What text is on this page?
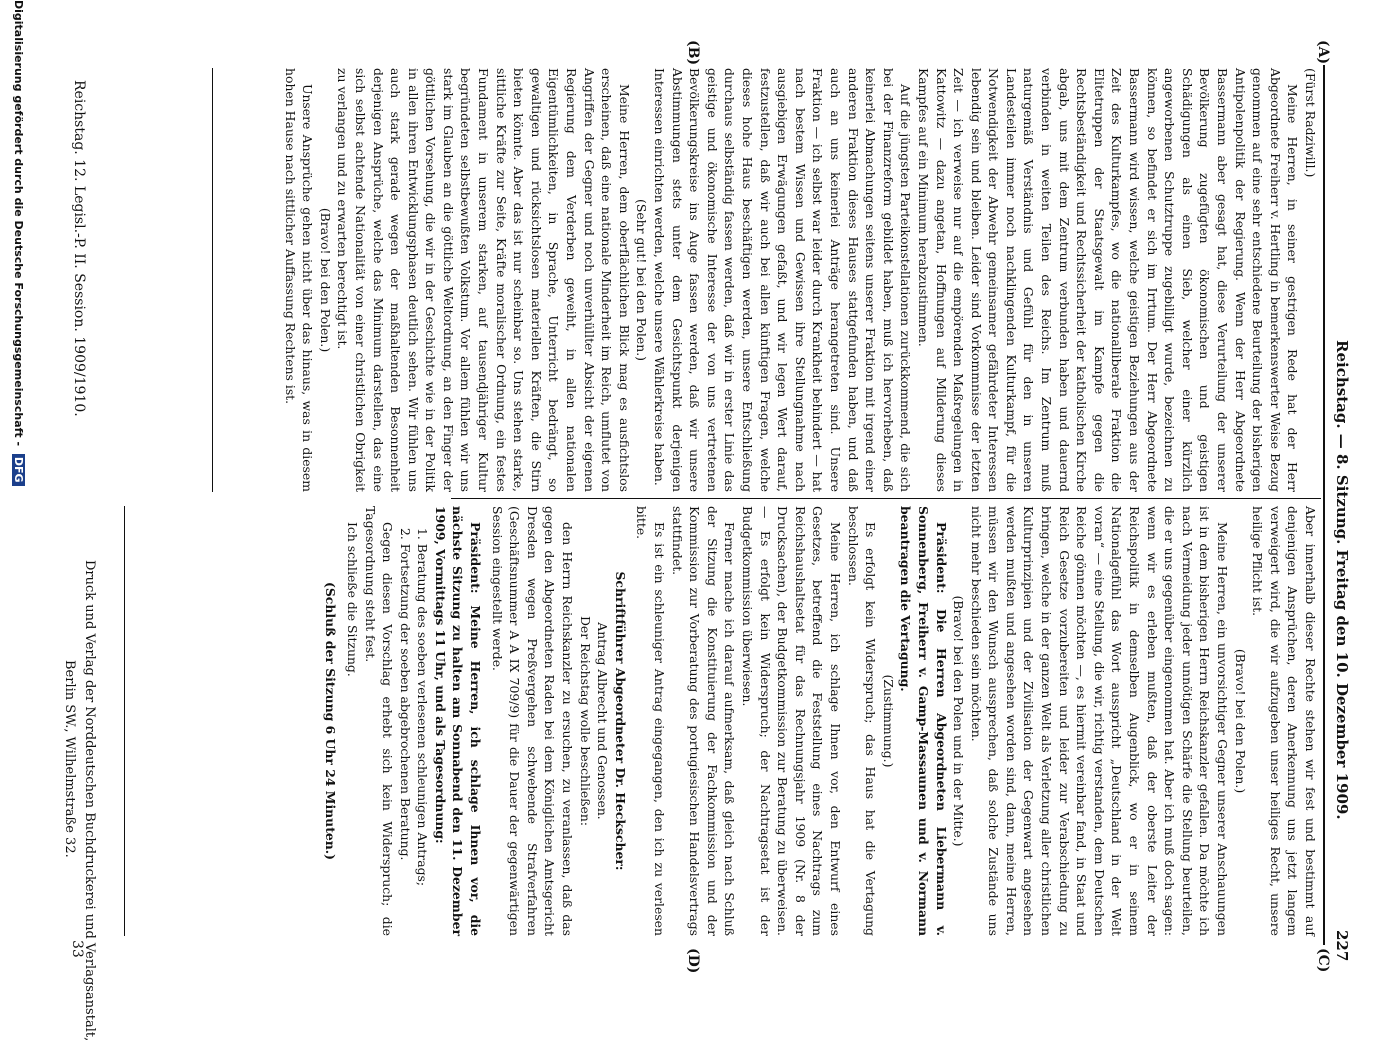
Reichstag. — 8. Sitzung. Freitag den 10. Dezember 1909.
227
(A)
(B)
(C)
(D)

(Fürst Radziwill.)

Meine Herren, in seiner gestrigen Rede hat der Herr Abgeordnete Freiherr v. Hertling in bemerkenswerter Weise Bezug genommen auf eine sehr entschiedene Beurteilung der bisherigen Antipolenpolitik der Regierung. Wenn der Herr Abgeordnete Bassermann aber gesagt hat, diese Verurteilung der unserer Bevölkerung zugefügten ökonomischen und geistigen Schädigungen als einen Sieb, welcher einer kürzlich angeworbenen Schutztruppe zugebilligt wurde, bezeichnen zu können, so befindet er sich im Irrtum. Der Herr Abgeordnete Bassermann wird wissen, welche geistigen Beziehungen aus der Zeit des Kulturkampfes, wo die nationalliberale Fraktion die Elitetruppen der Staatsgewalt im Kampfe gegen die Rechtsbeständigkeit und Rechtssicherheit der katholischen Kirche abgab, uns mit dem Zentrum verbunden haben und dauernd verbinden in weiten Teilen des Reichs. Im Zentrum muß naturgemäß Verständnis und Gefühl für den in unseren Landesteilen immer noch nachklingenden Kulturkampf, für die Notwendigkeit der Abwehr gemeinsamer gefährdeter Interessen lebendig sein und bleiben. Leider sind Vorkommnisse der letzten Zeit — ich verweise nur auf die empörenden Maßregelungen in Kattowitz — dazu angetan, Hoffnungen auf Milderung dieses Kampfes auf ein Minimum herabzustimmen.

Auf die jüngsten Parteikonstellationen zurückkommend, die sich bei der Finanzreform gebildet haben, muß ich hervorheben, daß keinerlei Abmachungen seitens unserer Fraktion mit irgend einer anderen Fraktion dieses Hauses stattgefunden haben, und daß auch an uns keinerlei Anträge herangetreten sind. Unsere Fraktion — ich selbst war leider durch Krankheit behindert — hat nach bestem Wissen und Gewissen ihre Stellungnahme nach ausgiebigen Erwägungen gefaßt, und wir legen Wert darauf, festzustellen, daß wir auch bei allen künftigen Fragen, welche dieses hohe Haus beschäftigen werden, unsere Entschließung durchaus selbständig fassen werden, daß wir in erster Linie das geistige und ökonomische Interesse der von uns vertretenen Bevölkerungskreise ins Auge fassen werden, daß wir unsere Abstimmungen stets unter dem Gesichtspunkt derjenigen Interessen einrichten werden, welche unsere Wählerkreise haben.

(Sehr gut! bei den Polen.)

Meine Herren, dem oberflächlichen Blick mag es ausfichtslos erscheinen, daß eine nationale Minderheit im Reich, umflutet von Angriffen der Gegner und noch unverhüllter Absicht der eigenen Regierung dem Verderben geweiht, in allen nationalen Eigentümlichkeiten, in Sprache, Unterricht bedrängt, so gewaltigen und rücksichtslosen materiellen Kräften, die Stirn bieten könnte. Aber das ist nur scheinbar so. Uns stehen starke, sittliche Kräfte zur Seite, Kräfte moralischer Ordnung, ein festes Fundament in unserem starken, auf tausendjähriger Kultur begründeten selbstbewußten Volkstum. Vor allem fühlen wir uns stark im Glauben an die göttliche Weltordnung, an den Finger der göttlichen Vorsehung, die wir in der Geschichte wie in der Politik in allen ihren Entwicklungsphasen deutlich sehen. Wir fühlen uns auch stark gerade wegen der maßhaltenden Besonnenheit derjenigen Ansprüche, welche das Minimum darstellen, das eine sich selbst achtende Nationalität von einer christlichen Obrigkeit zu verlangen und zu erwarten berechtigt ist.

(Bravo! bei den Polen.)

Unsere Ansprüche gehen nicht über das hinaus, was in diesem hohen Hause nach sittlicher Auffassung Rechtens ist.

Aber innerhalb dieser Rechte stehen wir fest und bestimmt auf denjenigen Ansprüchen, deren Anerkennung uns jetzt langem verweigert wird, die wir aufzugeben unser heiliges Recht, unsere heilige Pflicht ist.

(Bravo! bei den Polen.)

Meine Herren, ein unvorsichtiger Gegner unserer Anschauungen ist in dem bisherigen Herrn Reichskanzler gefallen. Da möchte ich nach Vermeidung jeder unnötigen Schärfe die Stellung beurteilen, die er uns gegenüber eingenommen hat. Aber ich muß doch sagen: wenn wir es erleben mußten, daß der oberste Leiter der Reichspolitik in demselben Augenblick, wo er in seinem Nationalgefühl das Wort ausspricht „Deutschland in der Welt voran“ — eine Stellung, die wir, richtig verstanden, dem Deutschen Reiche gönnen möchten —, es hiermit vereinbar fand, in Staat und Reich Gesetze vorzubereiten und leider zur Verabschiedung zu bringen, welche in der ganzen Welt als Verletzung aller christlichen Kulturprinzipien und der Zivilisation der Gegenwart angesehen werden mußten und angesehen worden sind, dann, meine Herren, müssen wir den Wunsch aussprechen, daß solche Zustände uns nicht mehr beschieden sein möchten.

(Bravo! bei den Polen und in der Mitte.)

Präsident: Die Herren Abgeordneten Liebermann v. Sonnenberg, Freiherr v. Gamp-Massaunen und v. Normann beantragen die Vertagung.

(Zustimmung.)

Es erfolgt kein Widerspruch; das Haus hat die Vertagung beschlossen.

Meine Herren, ich schlage Ihnen vor, den Entwurf eines Gesetzes, betreffend die Feststellung eines Nachtrags zum Reichshaushaltsetat für das Rechnungsjahr 1909 (Nr. 8 der Drucksachen), der Budgetkommission zur Beratung zu überweisen. — Es erfolgt kein Widerspruch; der Nachtragsetat ist der Budgetkommission überwiesen.

Ferner mache ich darauf aufmerksam, daß gleich nach Schluß der Sitzung die Konstituierung der Fachkommission und der Kommission zur Vorberatung des portugiesischen Handelsvertrags stattfindet.

Es ist ein schleuniger Antrag eingegangen, den ich zu verlesen bitte.

Schriftführer Abgeordneter Dr. Heckscher:

Antrag Albrecht und Genossen.

Der Reichstag wolle beschließen:

den Herrn Reichskanzler zu ersuchen, zu veranlassen, daß das gegen den Abgeordneten Raden bei dem Königlichen Amtsgericht Dresden wegen Preßvergehen schwebende Strafverfahren (Geschäftsnummer A A IX 709/9) für die Dauer der gegenwärtigen Session eingestellt werde.

Präsident: Meine Herren, ich schlage Ihnen vor, die nächste Sitzung zu halten am Sonnabend den 11. Dezember 1909, Vormittags 11 Uhr, und als Tagesordnung:

1. Beratung des soeben verlesenen schleunigen Antrags;

2. Fortsetzung der soeben abgebrochenen Beratung.

Gegen diesen Vorschlag erhebt sich kein Widerspruch; die Tagesordnung steht fest.

Ich schließe die Sitzung.

(Schluß der Sitzung 6 Uhr 24 Minuten.)

Reichstag. 12. Legisl.-P. II. Session. 1909/1910.
Druck und Verlag der Norddeutschen Buchdruckerei und Verlagsanstalt,
Berlin SW., Wilhelmstraße 32.
33
Digitalisierung gefördert durch die Deutsche Forschungsgemeinschaft - DFG
